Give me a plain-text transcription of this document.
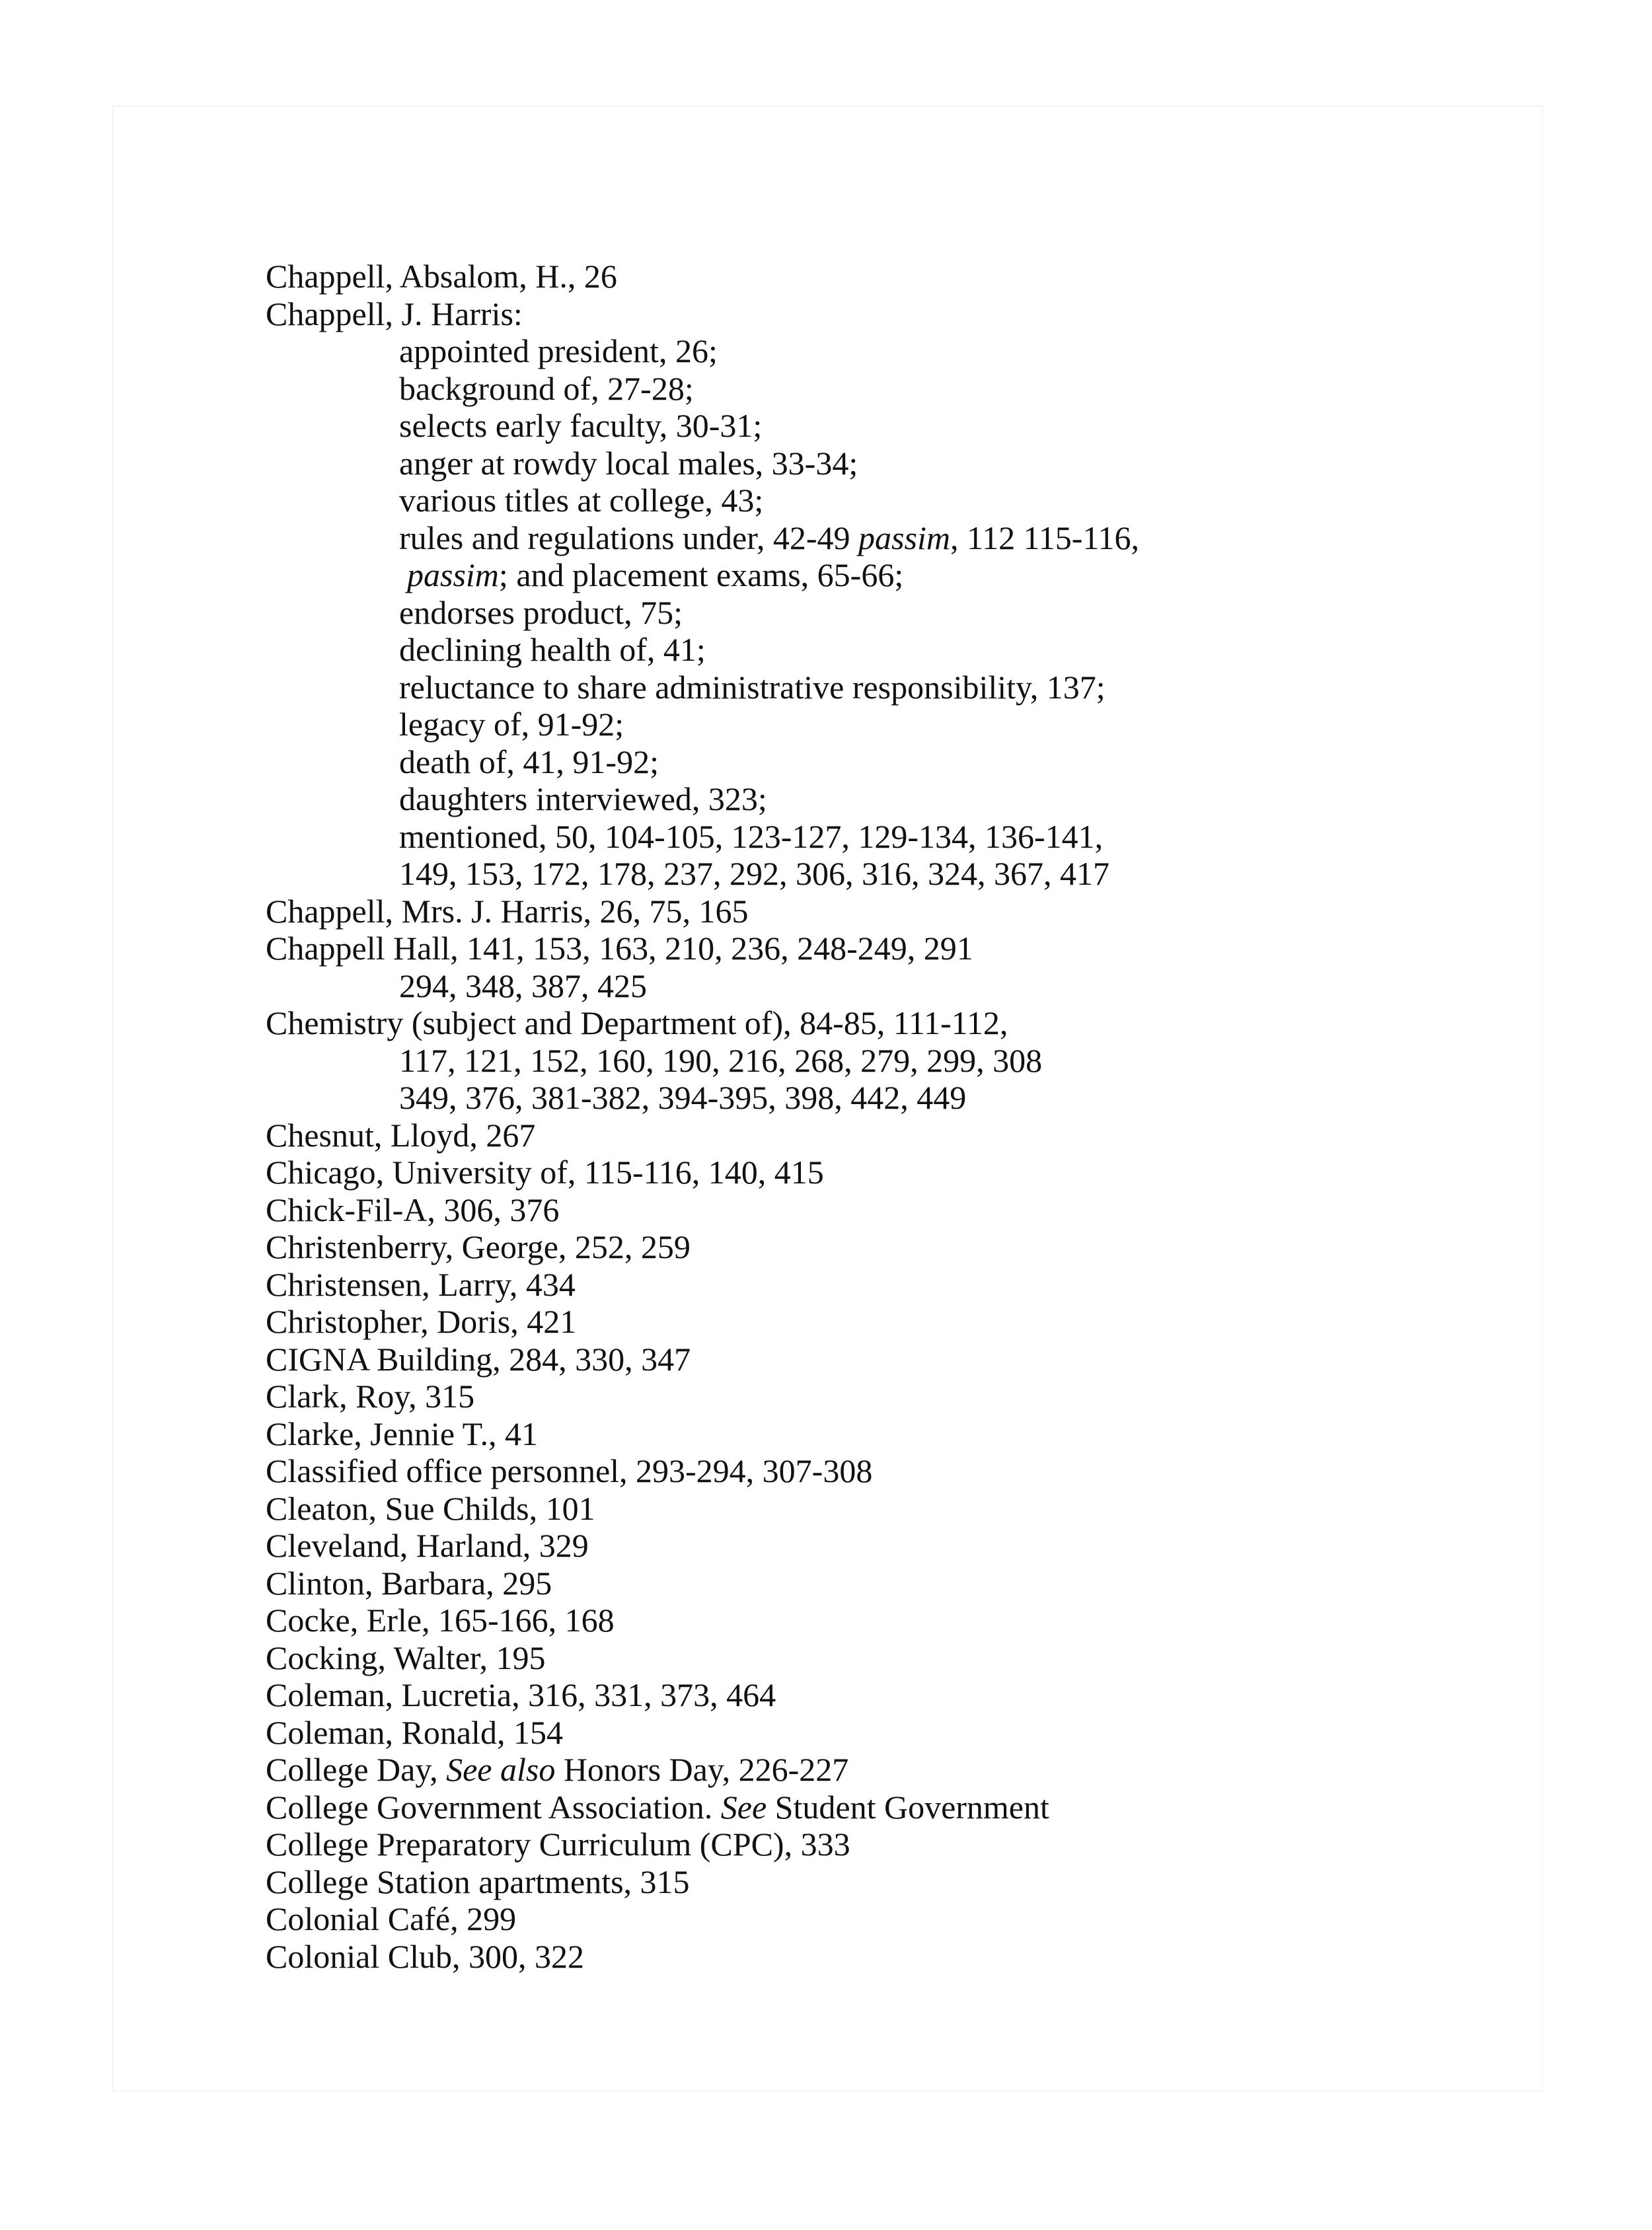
Chappell, Absalom, H., 26
Chappell, J. Harris:
appointed president, 26;
background of, 27-28;
selects early faculty, 30-31;
anger at rowdy local males, 33-34;
various titles at college, 43;
rules and regulations under, 42-49 passim, 112 115-116,
passim; and placement exams, 65-66;
endorses product, 75;
declining health of, 41;
reluctance to share administrative responsibility, 137;
legacy of, 91-92;
death of, 41, 91-92;
daughters interviewed, 323;
mentioned, 50, 104-105, 123-127, 129-134, 136-141,
149, 153, 172, 178, 237, 292, 306, 316, 324, 367, 417
Chappell, Mrs. J. Harris, 26, 75, 165
Chappell Hall, 141, 153, 163, 210, 236, 248-249, 291
294, 348, 387, 425
Chemistry (subject and Department of), 84-85, 111-112,
117, 121, 152, 160, 190, 216, 268, 279, 299, 308
349, 376, 381-382, 394-395, 398, 442, 449
Chesnut, Lloyd, 267
Chicago, University of, 115-116, 140, 415
Chick-Fil-A, 306, 376
Christenberry, George, 252, 259
Christensen, Larry, 434
Christopher, Doris, 421
CIGNA Building, 284, 330, 347
Clark, Roy, 315
Clarke, Jennie T., 41
Classified office personnel, 293-294, 307-308
Cleaton, Sue Childs, 101
Cleveland, Harland, 329
Clinton, Barbara, 295
Cocke, Erle, 165-166, 168
Cocking, Walter, 195
Coleman, Lucretia, 316, 331, 373, 464
Coleman, Ronald, 154
College Day, See also Honors Day, 226-227
College Government Association. See Student Government
College Preparatory Curriculum (CPC), 333
College Station apartments, 315
Colonial Café, 299
Colonial Club, 300, 322
